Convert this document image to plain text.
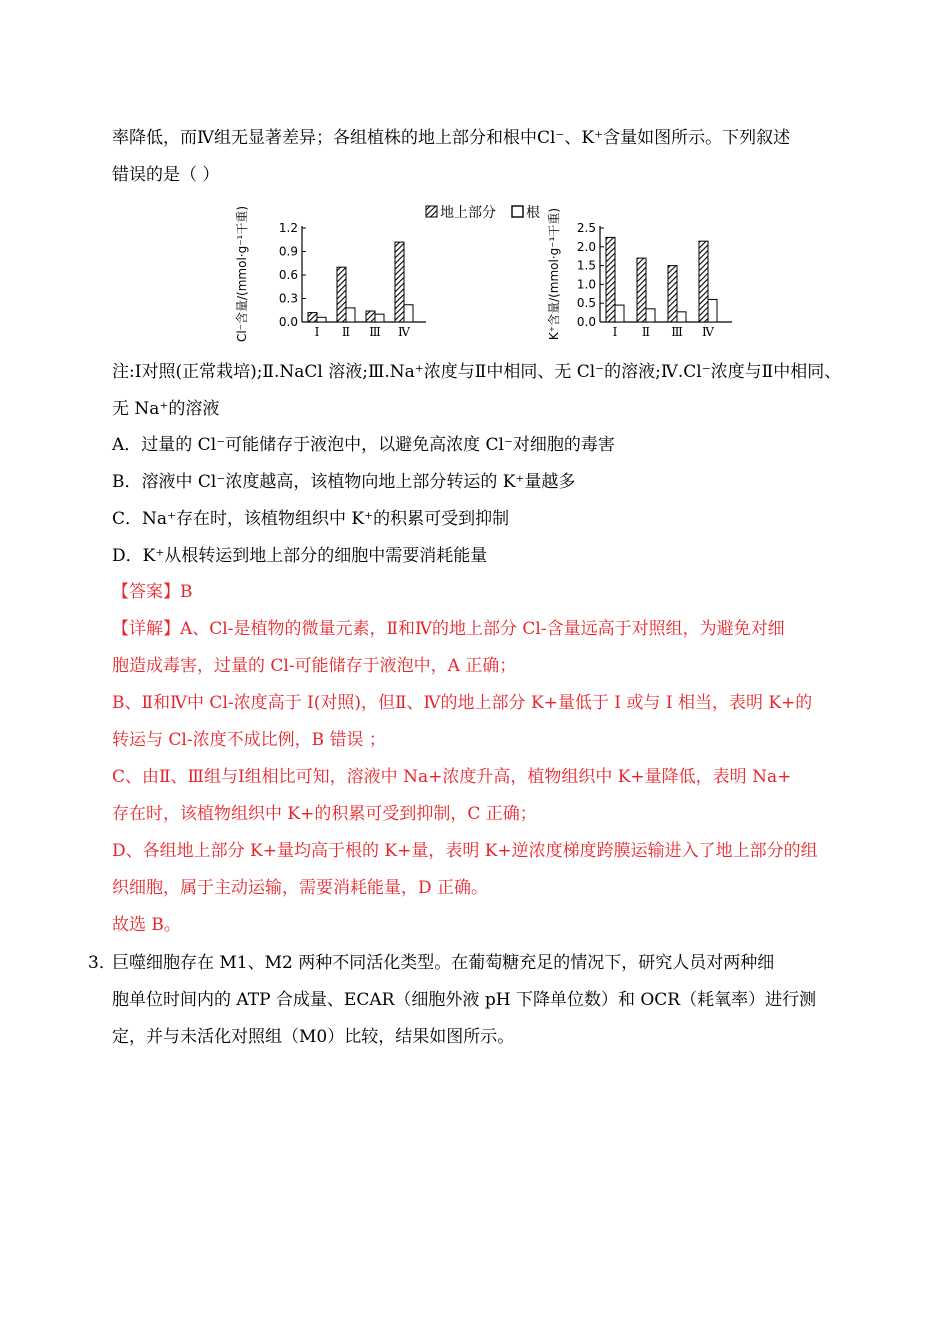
率降低，而Ⅳ组无显著差异；各组植株的地上部分和根中Cl⁻、K⁺含量如图所示。下列叙述
错误的是（ ）
地上部分 根
Cl⁻含量/(mmol·g⁻¹干重)	K⁺含量/(mmol·g⁻¹干重)
0.0
0.3
0.6
0.9
1.2
Ⅰ Ⅱ Ⅲ Ⅳ
0.0
0.5
1.0
1.5
2.0
2.5
Ⅰ Ⅱ Ⅲ Ⅳ
注:Ⅰ对照(正常栽培);Ⅱ.NaCl 溶液;Ⅲ.Na⁺浓度与Ⅱ中相同、无 Cl⁻的溶液;Ⅳ.Cl⁻浓度与Ⅱ中相同、
无 Na⁺的溶液
A．过量的 Cl⁻可能储存于液泡中，以避免高浓度 Cl⁻对细胞的毒害
B．溶液中 Cl⁻浓度越高，该植物向地上部分转运的 K⁺量越多
C．Na⁺存在时，该植物组织中 K⁺的积累可受到抑制
D．K⁺从根转运到地上部分的细胞中需要消耗能量
【答案】B
【详解】A、Cl-是植物的微量元素，Ⅱ和Ⅳ的地上部分 Cl-含量远高于对照组，为避免对细
胞造成毒害，过量的 Cl-可能储存于液泡中，A 正确；
B、Ⅱ和Ⅳ中 Cl-浓度高于 I(对照)，但Ⅱ、Ⅳ的地上部分 K+量低于 I 或与 I 相当，表明 K+的
转运与 Cl-浓度不成比例，B 错误 ；
C、由Ⅱ、Ⅲ组与Ⅰ组相比可知，溶液中 Na+浓度升高，植物组织中 K+量降低，表明 Na+
存在时，该植物组织中 K+的积累可受到抑制，C 正确；
D、各组地上部分 K+量均高于根的 K+量，表明 K+逆浓度梯度跨膜运输进入了地上部分的组
织细胞，属于主动运输，需要消耗能量，D 正确。
故选 B。
3．
巨噬细胞存在 M1、M2 两种不同活化类型。在葡萄糖充足的情况下，研究人员对两种细
胞单位时间内的 ATP 合成量、ECAR（细胞外液 pH 下降单位数）和 OCR（耗氧率）进行测
定，并与未活化对照组（M0）比较，结果如图所示。
